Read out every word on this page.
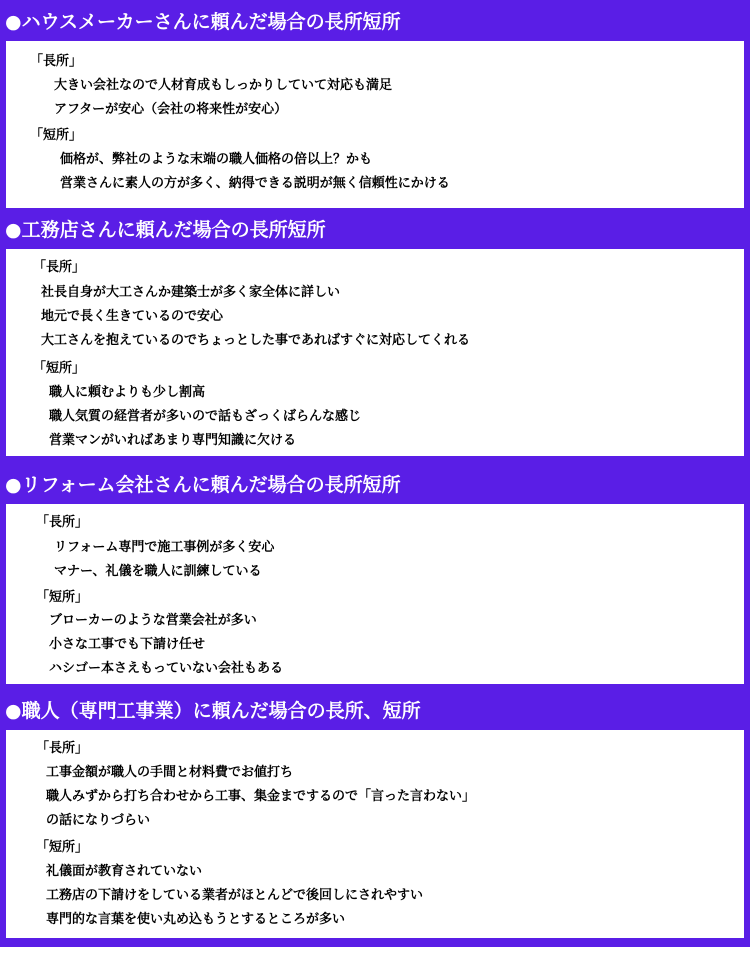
●ハウスメーカーさんに頼んだ場合の長所短所
「長所」
大きい会社なので人材育成もしっかりしていて対応も満足
アフターが安心（会社の将来性が安心）
「短所」
価格が、弊社のような末端の職人価格の倍以上？かも
営業さんに素人の方が多く、納得できる説明が無く信頼性にかける
●工務店さんに頼んだ場合の長所短所
「長所」
社長自身が大工さんか建築士が多く家全体に詳しい
地元で長く生きているので安心
大工さんを抱えているのでちょっとした事であればすぐに対応してくれる
「短所」
職人に頼むよりも少し割高
職人気質の経営者が多いので話もざっくばらんな感じ
営業マンがいればあまり専門知識に欠ける
●リフォーム会社さんに頼んだ場合の長所短所
「長所」
リフォーム専門で施工事例が多く安心
マナー、礼儀を職人に訓練している
「短所」
ブローカーのような営業会社が多い
小さな工事でも下請け任せ
ハシゴー本さえもっていない会社もある
●職人（専門工事業）に頼んだ場合の長所、短所
「長所」
工事金額が職人の手間と材料費でお値打ち
職人みずから打ち合わせから工事、集金までするので「言った言わない」
の話になりづらい
「短所」
礼儀面が教育されていない
工務店の下請けをしている業者がほとんどで後回しにされやすい
専門的な言葉を使い丸め込もうとするところが多い
